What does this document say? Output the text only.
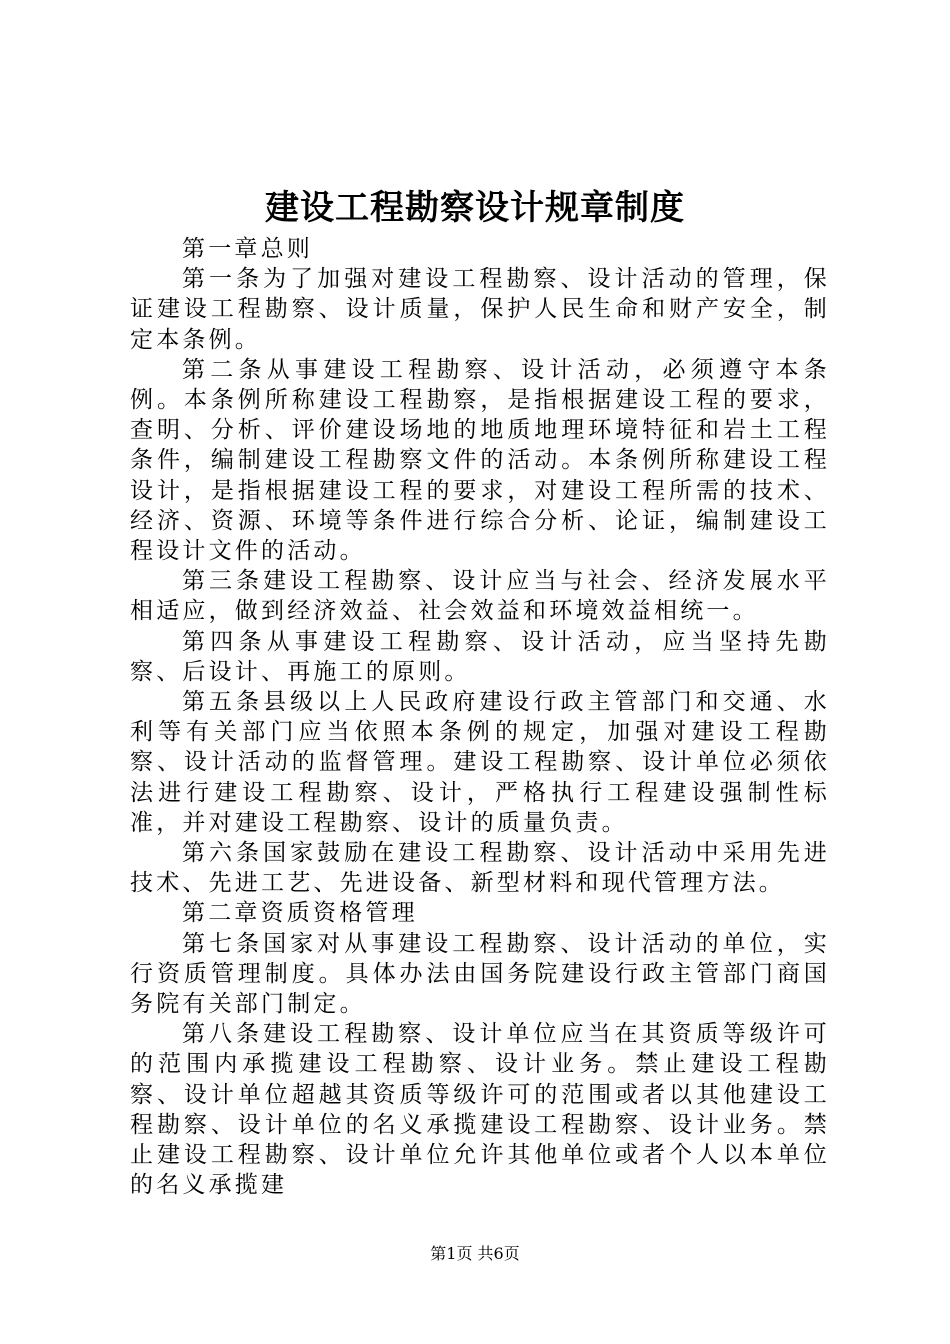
建设工程勘察设计规章制度

第一章总则

第一条为了加强对建设工程勘察、设计活动的管理，保证建设工程勘察、设计质量，保护人民生命和财产安全，制定本条例。

第二条从事建设工程勘察、设计活动，必须遵守本条例。本条例所称建设工程勘察，是指根据建设工程的要求，查明、分析、评价建设场地的地质地理环境特征和岩土工程条件，编制建设工程勘察文件的活动。本条例所称建设工程设计，是指根据建设工程的要求，对建设工程所需的技术、经济、资源、环境等条件进行综合分析、论证，编制建设工程设计文件的活动。

第三条建设工程勘察、设计应当与社会、经济发展水平相适应，做到经济效益、社会效益和环境效益相统一。

第四条从事建设工程勘察、设计活动，应当坚持先勘察、后设计、再施工的原则。

第五条县级以上人民政府建设行政主管部门和交通、水利等有关部门应当依照本条例的规定，加强对建设工程勘察、设计活动的监督管理。建设工程勘察、设计单位必须依法进行建设工程勘察、设计，严格执行工程建设强制性标准，并对建设工程勘察、设计的质量负责。

第六条国家鼓励在建设工程勘察、设计活动中采用先进技术、先进工艺、先进设备、新型材料和现代管理方法。

第二章资质资格管理

第七条国家对从事建设工程勘察、设计活动的单位，实行资质管理制度。具体办法由国务院建设行政主管部门商国务院有关部门制定。

第八条建设工程勘察、设计单位应当在其资质等级许可的范围内承揽建设工程勘察、设计业务。禁止建设工程勘察、设计单位超越其资质等级许可的范围或者以其他建设工程勘察、设计单位的名义承揽建设工程勘察、设计业务。禁止建设工程勘察、设计单位允许其他单位或者个人以本单位的名义承揽建

第1页 共6页
